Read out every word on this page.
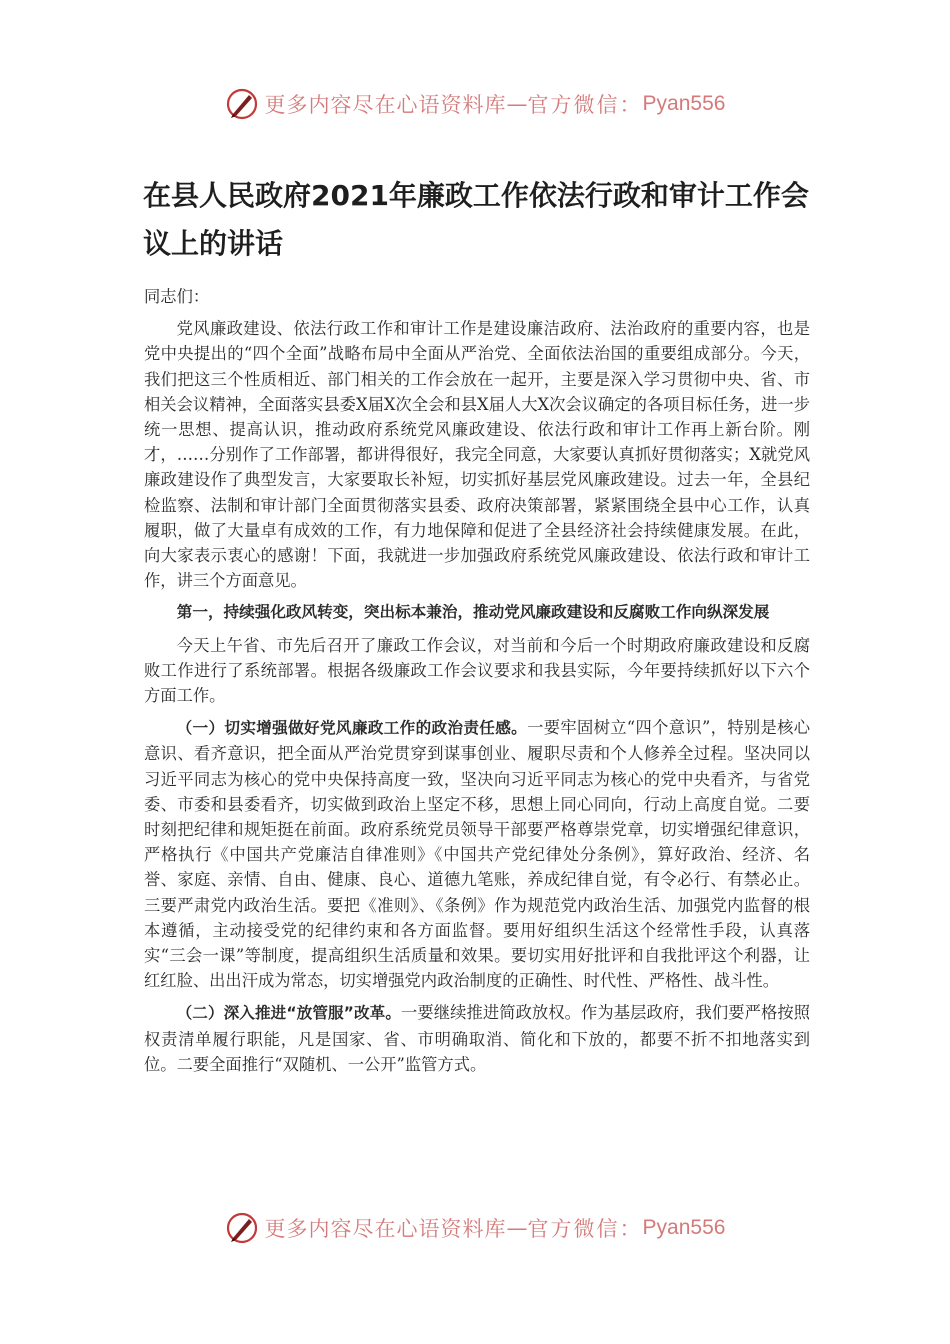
更多内容尽在心语资料库 — 官方微信： Pyan556
在县人民政府2021年廉政工作依法行政和审计工作会议上的讲话

同志们：

党风廉政建设、依法行政工作和审计工作是建设廉洁政府、法治政府的重要内容，也是党中央提出的“四个全面”战略布局中全面从严治党、全面依法治国的重要组成部分。今天，我们把这三个性质相近、部门相关的工作会放在一起开，主要是深入学习贯彻中央、省、市相关会议精神，全面落实县委X届X次全会和县X届人大X次会议确定的各项目标任务，进一步统一思想、提高认识，推动政府系统党风廉政建设、依法行政和审计工作再上新台阶。刚才，……分别作了工作部署，都讲得很好，我完全同意，大家要认真抓好贯彻落实；X就党风廉政建设作了典型发言，大家要取长补短，切实抓好基层党风廉政建设。过去一年，全县纪检监察、法制和审计部门全面贯彻落实县委、政府决策部署，紧紧围绕全县中心工作，认真履职，做了大量卓有成效的工作，有力地保障和促进了全县经济社会持续健康发展。在此，向大家表示衷心的感谢！下面，我就进一步加强政府系统党风廉政建设、依法行政和审计工作，讲三个方面意见。

第一，持续强化政风转变，突出标本兼治，推动党风廉政建设和反腐败工作向纵深发展

今天上午省、市先后召开了廉政工作会议，对当前和今后一个时期政府廉政建设和反腐败工作进行了系统部署。根据各级廉政工作会议要求和我县实际，今年要持续抓好以下六个方面工作。

（一）切实增强做好党风廉政工作的政治责任感。一要牢固树立“四个意识”，特别是核心意识、看齐意识，把全面从严治党贯穿到谋事创业、履职尽责和个人修养全过程。坚决同以习近平同志为核心的党中央保持高度一致，坚决向习近平同志为核心的党中央看齐，与省党委、市委和县委看齐，切实做到政治上坚定不移，思想上同心同向，行动上高度自觉。二要时刻把纪律和规矩挺在前面。政府系统党员领导干部要严格尊崇党章，切实增强纪律意识，严格执行《中国共产党廉洁自律准则》《中国共产党纪律处分条例》，算好政治、经济、名誉、家庭、亲情、自由、健康、良心、道德九笔账，养成纪律自觉，有令必行、有禁必止。三要严肃党内政治生活。要把《准则》、《条例》作为规范党内政治生活、加强党内监督的根本遵循，主动接受党的纪律约束和各方面监督。要用好组织生活这个经常性手段，认真落实“三会一课”等制度，提高组织生活质量和效果。要切实用好批评和自我批评这个利器，让红红脸、出出汗成为常态，切实增强党内政治制度的正确性、时代性、严格性、战斗性。

（二）深入推进“放管服”改革。一要继续推进简政放权。作为基层政府，我们要严格按照权责清单履行职能，凡是国家、省、市明确取消、简化和下放的，都要不折不扣地落实到位。二要全面推行“双随机、一公开”监管方式。

更多内容尽在心语资料库 — 官方微信： Pyan556
